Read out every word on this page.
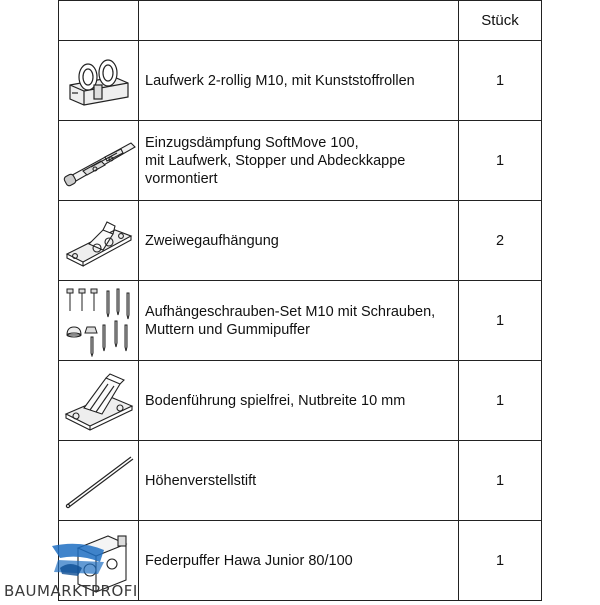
		Stück

Laufwerk 2-rollig M10, mit Kunststoffrollen	1

Einzugsdämpfung SoftMove 100,
mit Laufwerk, Stopper und Abdeckkappe
vormontiert	1

Zweiwegaufhängung	2

Aufhängeschrauben-Set M10 mit Schrauben,
Muttern und Gummipuffer	1

Bodenführung spielfrei, Nutbreite 10 mm	1

Höhenverstellstift	1

Federpuffer Hawa Junior 80/100	1
BAUMARKTPROFI
